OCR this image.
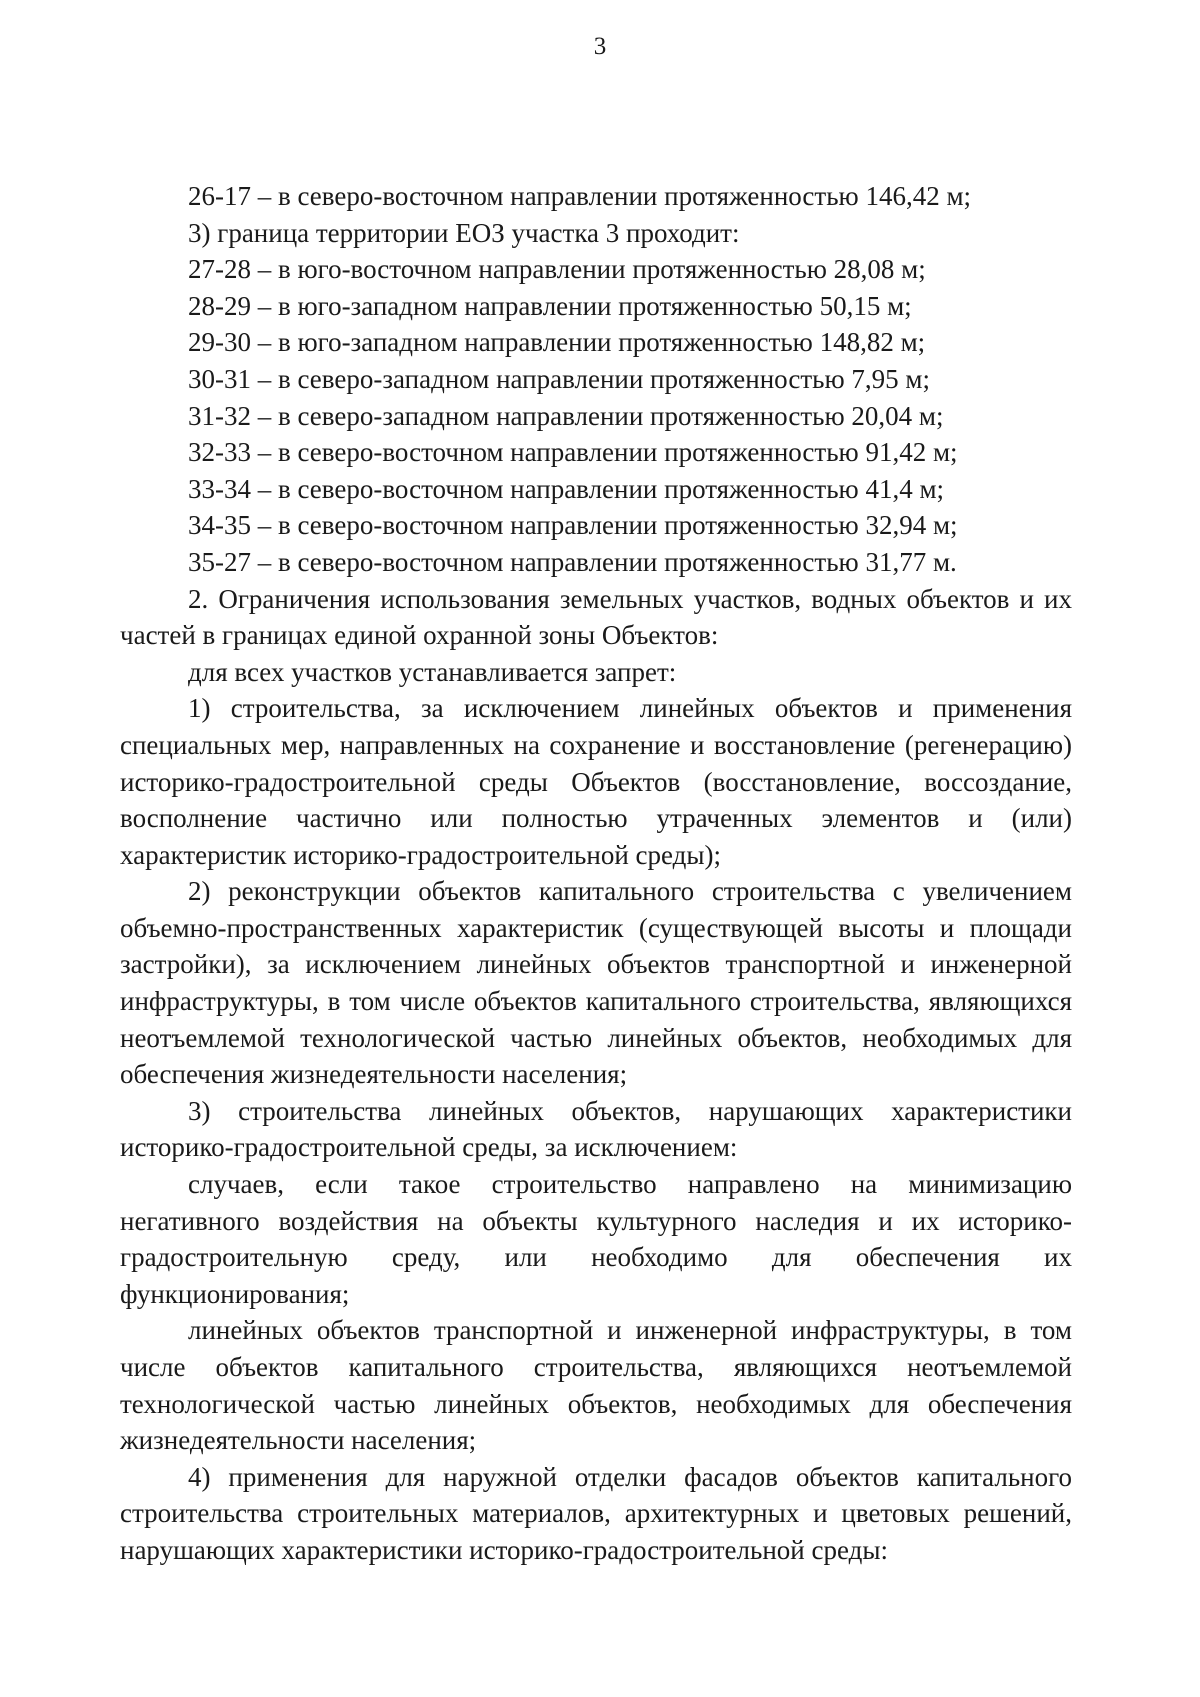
3
26-17 – в северо-восточном направлении протяженностью 146,42 м;
3) граница территории ЕОЗ участка 3 проходит:
27-28 – в юго-восточном направлении протяженностью 28,08 м;
28-29 – в юго-западном направлении протяженностью 50,15 м;
29-30 – в юго-западном направлении протяженностью 148,82 м;
30-31 – в северо-западном направлении протяженностью 7,95 м;
31-32 – в северо-западном направлении протяженностью 20,04 м;
32-33 – в северо-восточном направлении протяженностью 91,42 м;
33-34 – в северо-восточном направлении протяженностью 41,4 м;
34-35 – в северо-восточном направлении протяженностью 32,94 м;
35-27 – в северо-восточном направлении протяженностью 31,77 м.

2. Ограничения использования земельных участков, водных объектов и их частей в границах единой охранной зоны Объектов:

для всех участков устанавливается запрет:

1) строительства, за исключением линейных объектов и применения специальных мер, направленных на сохранение и восстановление (регенерацию) историко-градостроительной среды Объектов (восстановление, воссоздание, восполнение частично или полностью утраченных элементов и (или) характеристик историко-градостроительной среды);

2) реконструкции объектов капитального строительства с увеличением объемно-пространственных характеристик (существующей высоты и площади застройки), за исключением линейных объектов транспортной и инженерной инфраструктуры, в том числе объектов капитального строительства, являющихся неотъемлемой технологической частью линейных объектов, необходимых для обеспечения жизнедеятельности населения;

3) строительства линейных объектов, нарушающих характеристики историко-градостроительной среды, за исключением:

случаев, если такое строительство направлено на минимизацию негативного воздействия на объекты культурного наследия и их историко-градостроительную среду, или необходимо для обеспечения их функционирования;

линейных объектов транспортной и инженерной инфраструктуры, в том числе объектов капитального строительства, являющихся неотъемлемой технологической частью линейных объектов, необходимых для обеспечения жизнедеятельности населения;

4) применения для наружной отделки фасадов объектов капитального строительства строительных материалов, архитектурных и цветовых решений, нарушающих характеристики историко-градостроительной среды:
